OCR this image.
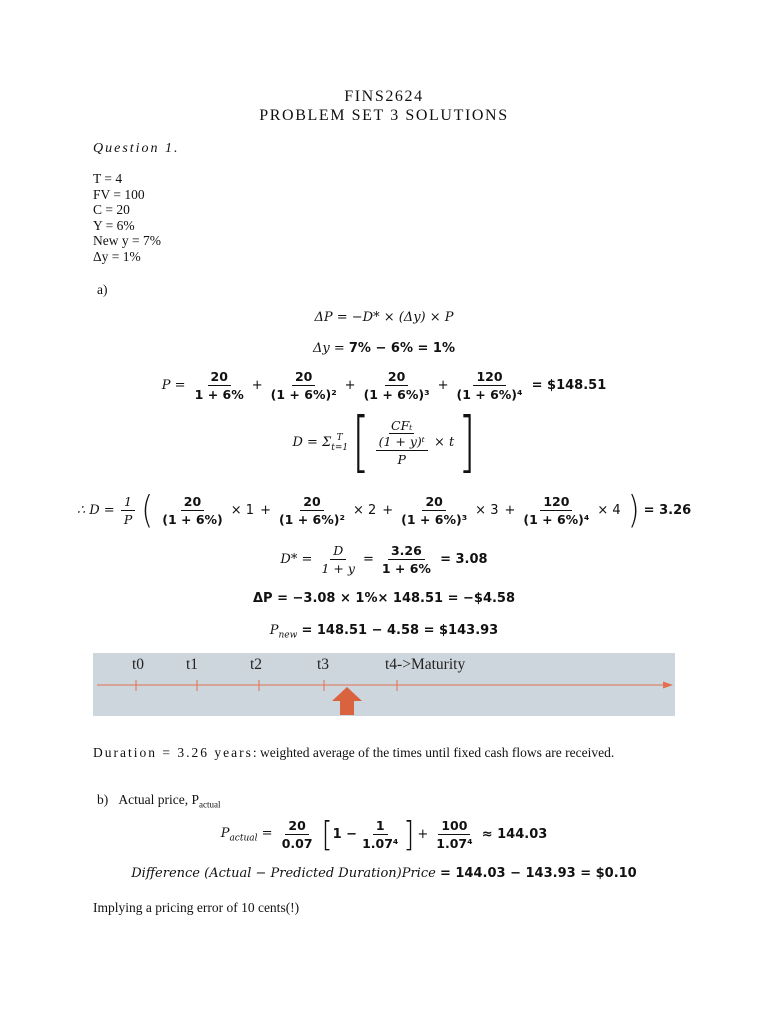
FINS2624
PROBLEM SET 3 SOLUTIONS
Question 1.
T = 4
FV = 100
C = 20
Y = 6%
New y = 7%
Δy = 1%
a)
ΔP = −D* × (Δy) × P
Δy = 7% − 6% = 1%
$P = \frac{20}{1 + 6\%} + \frac{20}{\text{(1 + 6\%)²}} + \frac{20}{\text{(1 + 6\%)³}} + \frac{120}{\text{(1 + 6\%)⁴}}$ = $148.51
D = Σ T
t=1 [ CFₜ
(1 + y)ᵗ
P × t ]
∴ $D = \frac{1}{P}$ ( $\frac{20}{(1 + 6\%)} \times 1 + \frac{20}{\text{(1 + 6\%)²}} \times 2 + \frac{20}{\text{(1 + 6\%)³}} \times 3 + \frac{120}{\text{(1 + 6\%)⁴}} \times 4$ ) = 3.26
$D* = \frac{D}{1 + y} = \frac{3.26}{1 + 6\%} = 3.08$
ΔP = −3.08 × 1%× 148.51 = −$4.58
$P_{new} = 148.51 - 4.58$ = $143.93
t0	t1	t2	t3	t4->Maturity
Duration = 3.26 years: weighted average of the times until fixed cash flows are received.
b) Actual price, $P_{actual}$
$P_{actual} = \frac{20}{0.07} [1 - \frac{1}{\text{1.07⁴}}$ ] + $\frac{100}{\text{1.07⁴}} \approx 144.03$
Difference (Actual − Predicted Duration)Price = 144.03 − 143.93 = $0.10
Implying a pricing error of 10 cents(!)
